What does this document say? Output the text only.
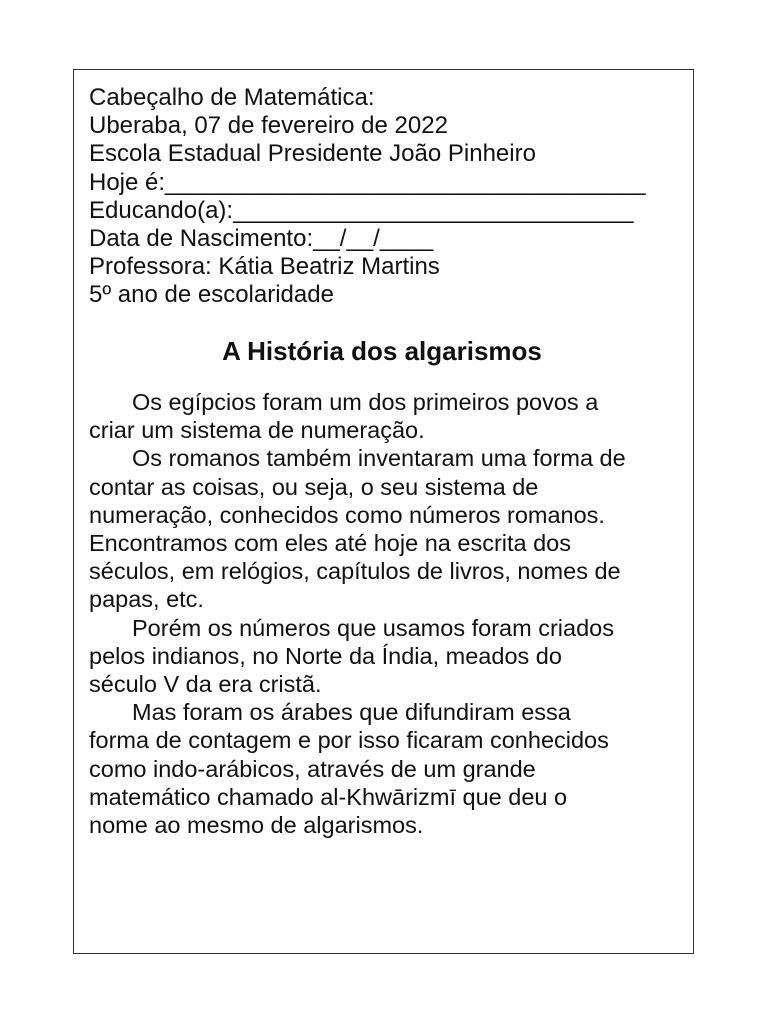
Cabeçalho de Matemática:

Uberaba, 07 de fevereiro de 2022

Escola Estadual Presidente João Pinheiro

Hoje é:____________________________________

Educando(a):______________________________

Data de Nascimento:__/__/____

Professora: Kátia Beatriz Martins

5º ano de escolaridade

A História dos algarismos

Os egípcios foram um dos primeiros povos a
criar um sistema de numeração.

Os romanos também inventaram uma forma de
contar as coisas, ou seja, o seu sistema de
numeração, conhecidos como números romanos.
Encontramos com eles até hoje na escrita dos
séculos, em relógios, capítulos de livros, nomes de
papas, etc.

Porém os números que usamos foram criados
pelos indianos, no Norte da Índia, meados do
século V da era cristã.

Mas foram os árabes que difundiram essa
forma de contagem e por isso ficaram conhecidos
como indo-arábicos, através de um grande
matemático chamado al-Khwārizmī que deu o
nome ao mesmo de algarismos.
